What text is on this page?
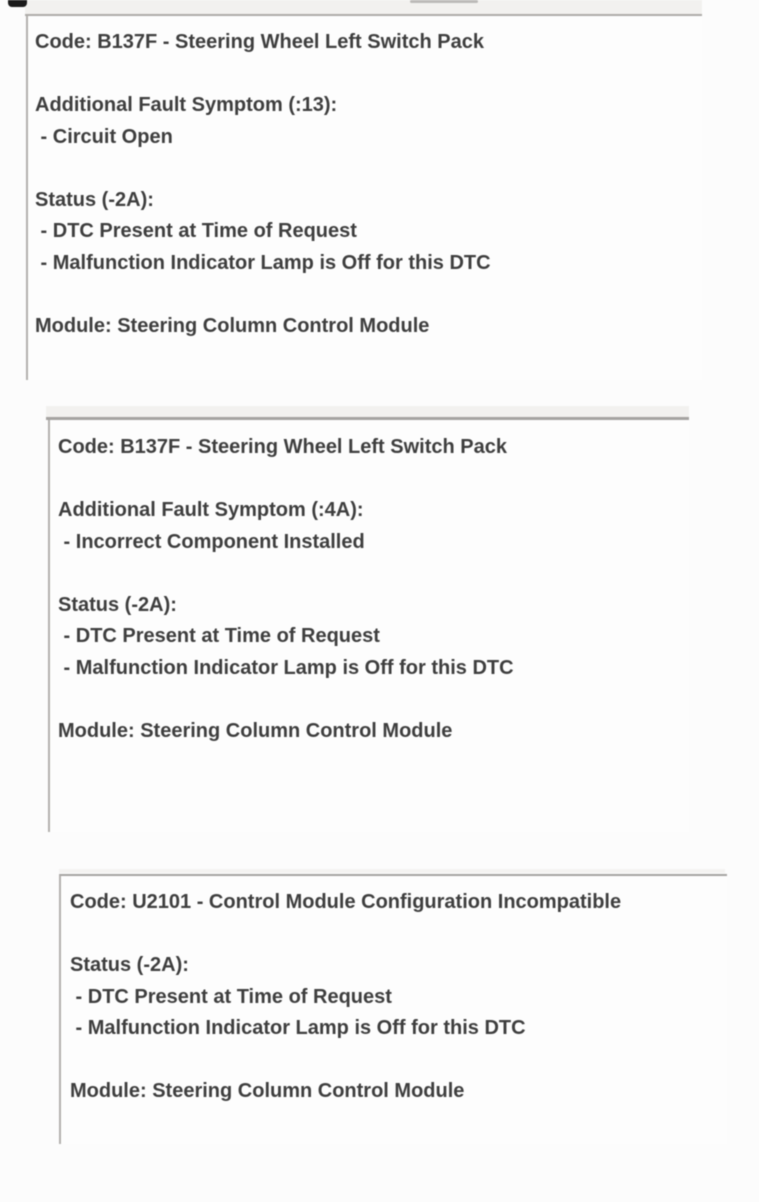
Code: B137F - Steering Wheel Left Switch Pack
Additional Fault Symptom (:13):
- Circuit Open
Status (-2A):
- DTC Present at Time of Request
- Malfunction Indicator Lamp is Off for this DTC
Module: Steering Column Control Module
Code: B137F - Steering Wheel Left Switch Pack
Additional Fault Symptom (:4A):
- Incorrect Component Installed
Status (-2A):
- DTC Present at Time of Request
- Malfunction Indicator Lamp is Off for this DTC
Module: Steering Column Control Module
Code: U2101 - Control Module Configuration Incompatible
Status (-2A):
- DTC Present at Time of Request
- Malfunction Indicator Lamp is Off for this DTC
Module: Steering Column Control Module
